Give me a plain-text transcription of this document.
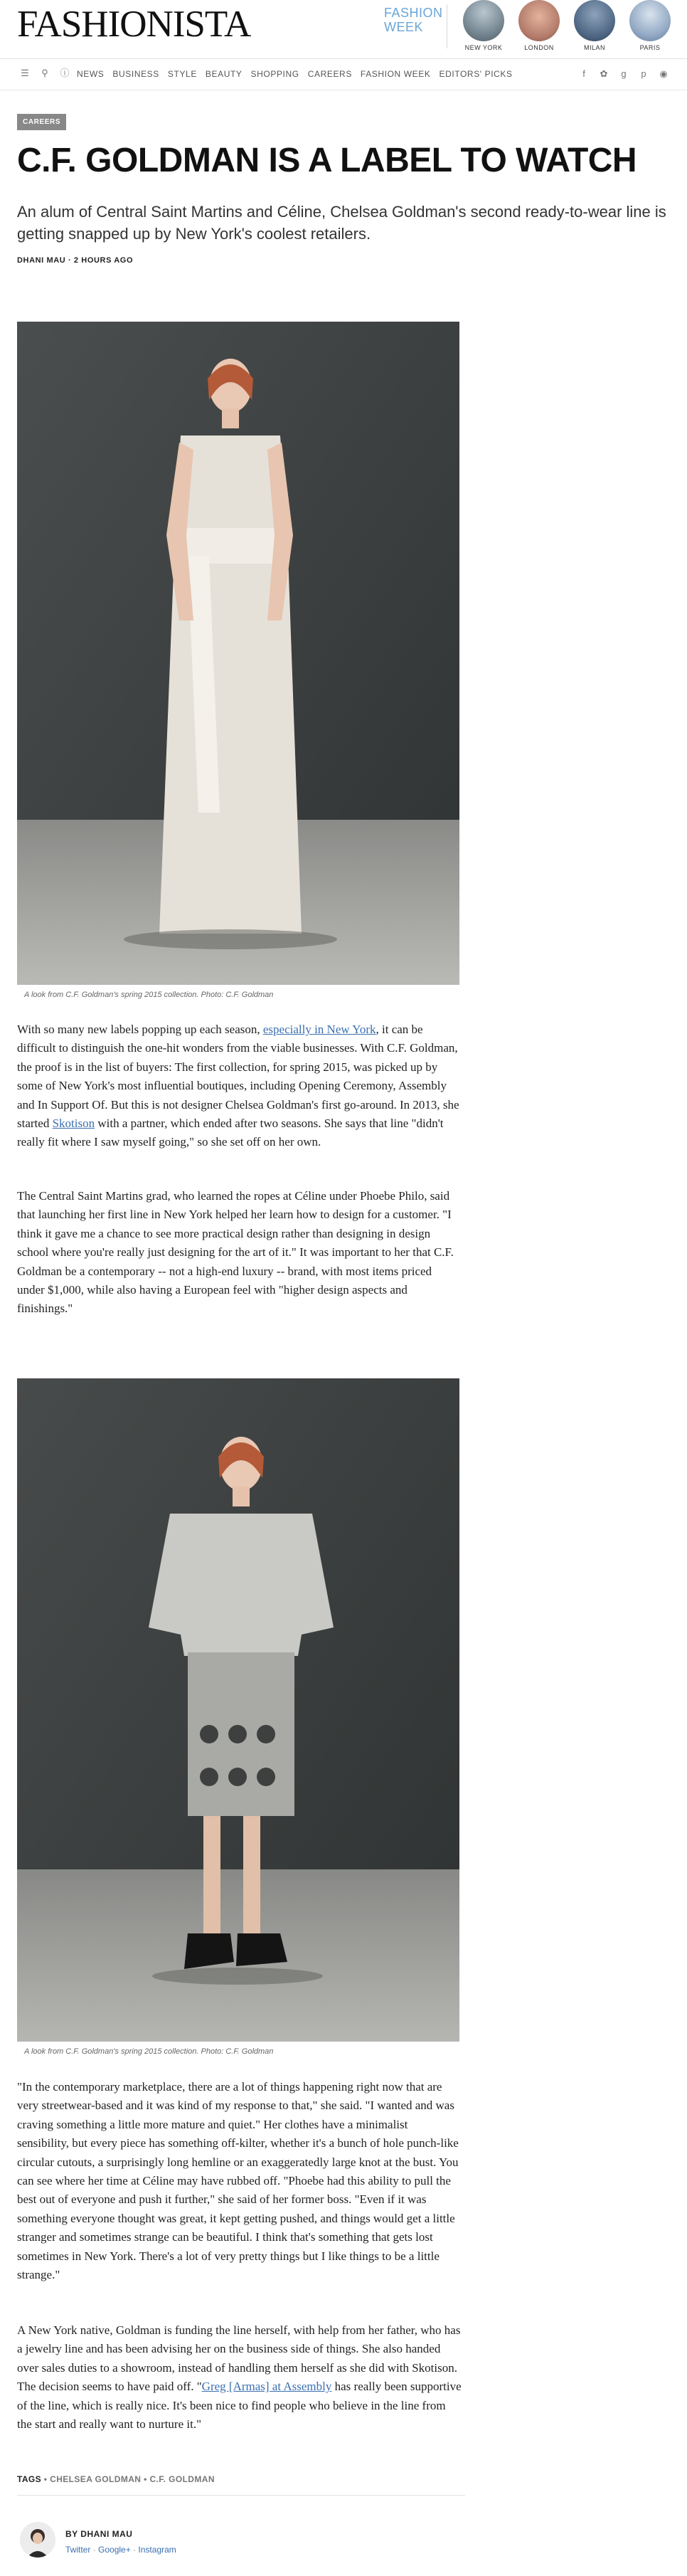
FASHIONISTA	FASHION WEEK
NEW YORK	LONDON	MILAN	PARIS
☰ ⚲ ⓘ NEWS BUSINESS STYLE BEAUTY SHOPPING CAREERS FASHION WEEK EDITORS' PICKS	f	✿ g p ◉
CAREERS
C.F. GOLDMAN IS A LABEL TO WATCH
An alum of Central Saint Martins and Céline, Chelsea Goldman's second ready-to-wear line is getting snapped up by New York's coolest retailers.
DHANI MAU · 2 HOURS AGO
A look from C.F. Goldman's spring 2015 collection. Photo: C.F. Goldman

With so many new labels popping up each season, especially in New York, it can be difficult to distinguish the one-hit wonders from the viable businesses. With C.F. Goldman, the proof is in the list of buyers: The first collection, for spring 2015, was picked up by some of New York's most influential boutiques, including Opening Ceremony, Assembly and In Support Of. But this is not designer Chelsea Goldman's first go-around. In 2013, she started Skotison with a partner, which ended after two seasons. She says that line "didn't really fit where I saw myself going," so she set off on her own.

The Central Saint Martins grad, who learned the ropes at Céline under Phoebe Philo, said that launching her first line in New York helped her learn how to design for a customer. "I think it gave me a chance to see more practical design rather than designing in design school where you're really just designing for the art of it." It was important to her that C.F. Goldman be a contemporary -- not a high-end luxury -- brand, with most items priced under $1,000, while also having a European feel with "higher design aspects and finishings."

A look from C.F. Goldman's spring 2015 collection. Photo: C.F. Goldman

"In the contemporary marketplace, there are a lot of things happening right now that are very streetwear-based and it was kind of my response to that," she said. "I wanted and was craving something a little more mature and quiet." Her clothes have a minimalist sensibility, but every piece has something off-kilter, whether it's a bunch of hole punch-like circular cutouts, a surprisingly long hemline or an exaggeratedly large knot at the bust. You can see where her time at Céline may have rubbed off. "Phoebe had this ability to pull the best out of everyone and push it further," she said of her former boss. "Even if it was something everyone thought was great, it kept getting pushed, and things would get a little stranger and sometimes strange can be beautiful. I think that's something that gets lost sometimes in New York. There's a lot of very pretty things but I like things to be a little strange."

A New York native, Goldman is funding the line herself, with help from her father, who has a jewelry line and has been advising her on the business side of things. She also handed over sales duties to a showroom, instead of handling them herself as she did with Skotison. The decision seems to have paid off. "Greg [Armas] at Assembly has really been supportive of the line, which is really nice. It's been nice to find people who believe in the line from the start and really want to nurture it."

TAGS • CHELSEA GOLDMAN • C.F. GOLDMAN
BY DHANI MAU
Twitter · Google+ · Instagram
